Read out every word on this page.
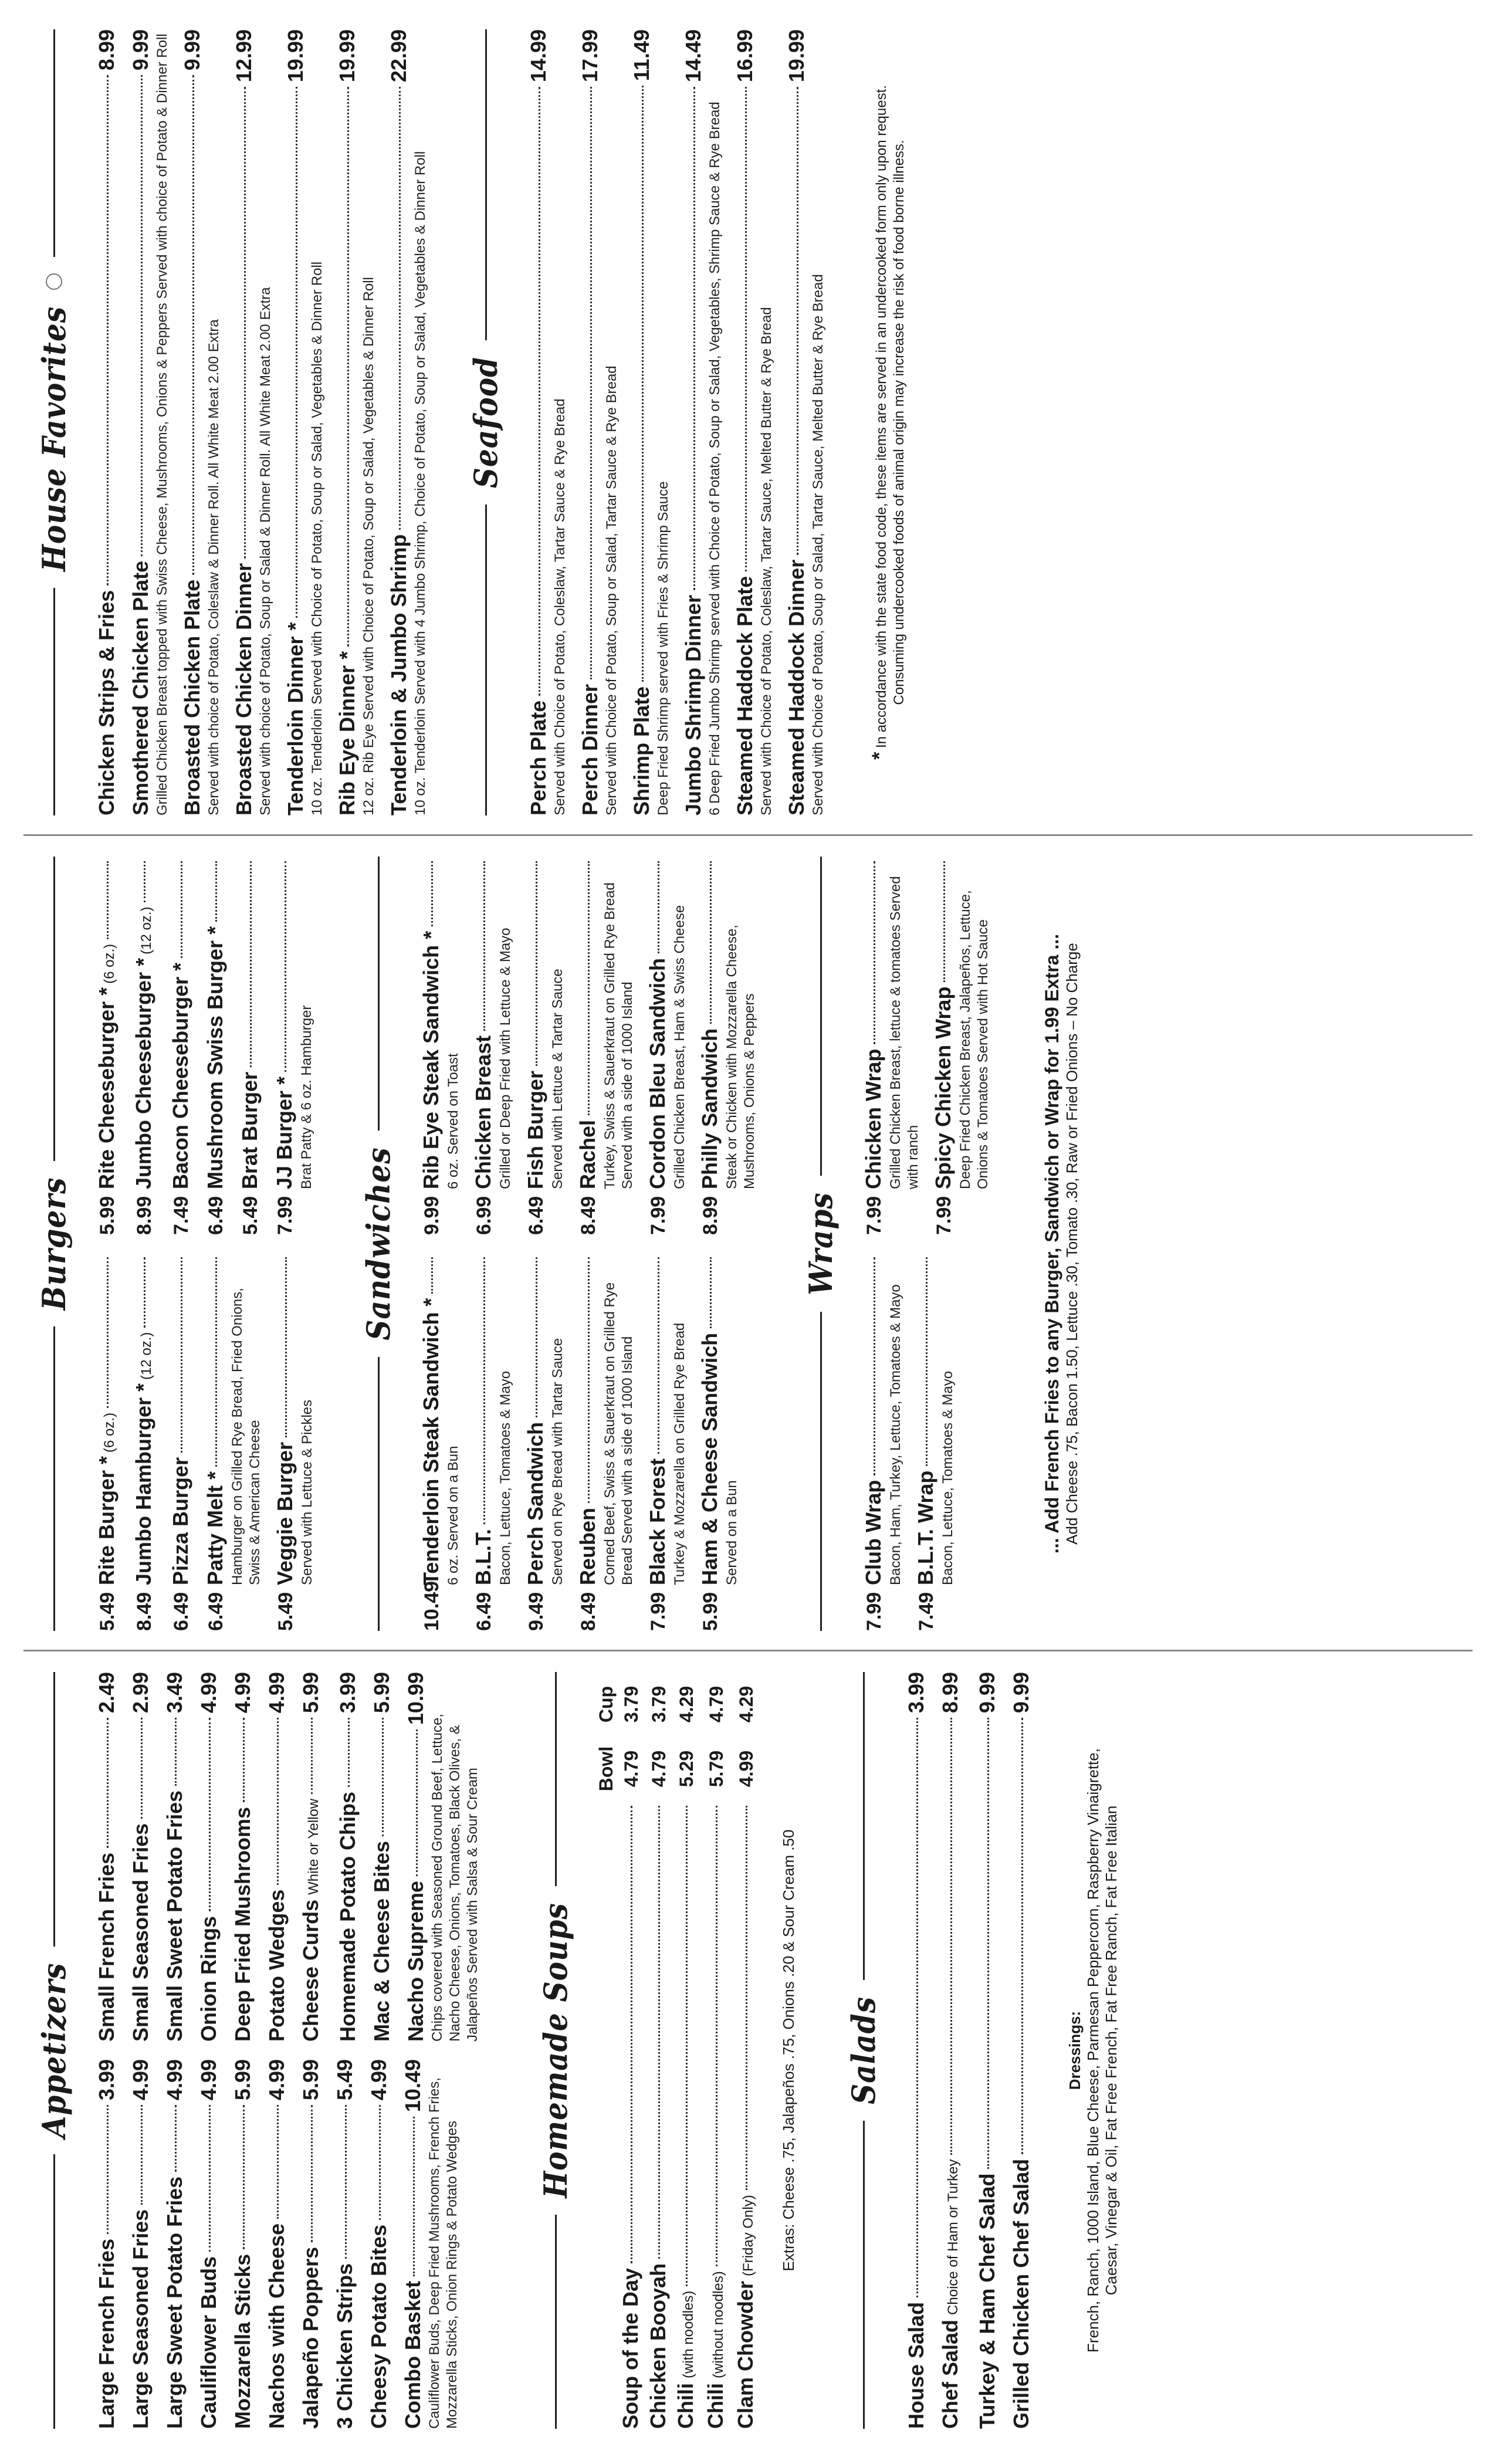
Appetizers
Large French Fries
3.99
Large Seasoned Fries
4.99
Large Sweet Potato Fries
4.99
Cauliflower Buds
4.99
Mozzarella Sticks
5.99
Nachos with Cheese
4.99
Jalapeño Poppers
5.99
3 Chicken Strips
5.49
Cheesy Potato Bites
4.99
Combo Basket
10.49 Cauliflower Buds, Deep Fried Mushrooms, French Fries, Mozzarella Sticks, Onion Rings & Potato Wedges
Small French Fries
2.49
Small Seasoned Fries
2.99
Small Sweet Potato Fries
3.49
Onion Rings
4.99
Deep Fried Mushrooms
4.99
Potato Wedges
4.99
Cheese Curds
White or Yellow
5.99
Homemade Potato Chips
3.99
Mac & Cheese Bites
5.99
Nacho Supreme
10.99
Chips covered with Seasoned Ground Beef, Lettuce, Nacho Cheese, Onions, Tomatoes, Black Olives, & Jalapeños Served with Salsa & Sour Cream Homemade Soups
Bowl
Cup
Soup of the Day
4.79
3.79
Chicken Booyah
4.79
3.79
Chili
(with noodles)
5.29
4.29
Chili
(without noodles)
5.79
4.79
Clam Chowder
(Friday Only)
4.99
4.29
Extras: Cheese .75, Jalapeños .75, Onions .20 & Sour Cream .50 Salads
House Salad
3.99
Chef Salad
Choice of Ham or Turkey
8.99
Turkey & Ham Chef Salad
9.99
Grilled Chicken Chef Salad
9.99
Dressings: French, Ranch, 1000 Island, Blue Cheese, Parmesan Peppercorn, Raspberry Vinaigrette, Caesar, Vinegar & Oil, Fat Free French, Fat Free Ranch, Fat Free Italian
Burgers
5.49
Rite Burger *
(6 oz.)
8.49
Jumbo Hamburger *
(12 oz.)
6.49
Pizza Burger
6.49
Patty Melt * Hamburger on Grilled Rye Bread, Fried Onions, Swiss & American Cheese
5.49
Veggie Burger Served with Lettuce & Pickles
5.99
Rite Cheeseburger *
(6 oz.)
8.99
Jumbo Cheeseburger *
(12 oz.)
7.49
Bacon Cheeseburger *
6.49
Mushroom Swiss Burger *
5.49
Brat Burger
7.99
JJ Burger * Brat Patty & 6 oz. Hamburger
Sandwiches
10.49
Tenderloin Steak Sandwich * 6 oz. Served on a Bun
6.49
B.L.T. Bacon, Lettuce, Tomatoes & Mayo
9.49
Perch Sandwich Served on Rye Bread with Tartar Sauce
8.49
Reuben Corned Beef, Swiss & Sauerkraut on Grilled Rye Bread Served with a side of 1000 Island
7.99
Black Forest Turkey & Mozzarella on Grilled Rye Bread
5.99
Ham & Cheese Sandwich Served on a Bun
9.99
Rib Eye Steak Sandwich * 6 oz. Served on Toast
6.99
Chicken Breast Grilled or Deep Fried with Lettuce & Mayo
6.49
Fish Burger Served with Lettuce & Tartar Sauce
8.49
Rachel Turkey, Swiss & Sauerkraut on Grilled Rye Bread Served with a side of 1000 Island
7.99
Cordon Bleu Sandwich Grilled Chicken Breast, Ham & Swiss Cheese
8.99
Philly Sandwich Steak or Chicken with Mozzarella Cheese, Mushrooms, Onions & Peppers
Wraps
7.99
Club Wrap Bacon, Ham, Turkey, Lettuce, Tomatoes & Mayo
7.49
B.L.T. Wrap Bacon, Lettuce, Tomatoes & Mayo
7.99
Chicken Wrap Grilled Chicken Breast, lettuce & tomatoes Served with ranch
7.99
Spicy Chicken Wrap Deep Fried Chicken Breast, Jalapeños, Lettuce, Onions & Tomatoes Served with Hot Sauce	... Add French Fries to any Burger, Sandwich or Wrap for 1.99 Extra ... Add Cheese .75, Bacon 1.50, Lettuce .30, Tomato .30, Raw or Fried Onions – No Charge
House Favorites
Chicken Strips & Fries
8.99
Smothered Chicken Plate
9.99 Grilled Chicken Breast topped with Swiss Cheese, Mushrooms, Onions & Peppers Served with choice of Potato & Dinner Roll Broasted Chicken Plate
9.99
Served with choice of Potato, Coleslaw & Dinner Roll. All White Meat 2.00 Extra Broasted Chicken Dinner
12.99
Served with choice of Potato, Soup or Salad & Dinner Roll. All White Meat 2.00 Extra Tenderloin Dinner *
19.99
10 oz. Tenderloin Served with Choice of Potato, Soup or Salad, Vegetables & Dinner Roll Rib Eye Dinner *
19.99
12 oz. Rib Eye Served with Choice of Potato, Soup or Salad, Vegetables & Dinner Roll Tenderloin & Jumbo Shrimp
22.99
10 oz. Tenderloin Served with 4 Jumbo Shrimp, Choice of Potato, Soup or Salad, Vegetables & Dinner Roll Seafood
Perch Plate
14.99
Served with Choice of Potato, Coleslaw, Tartar Sauce & Rye Bread Perch Dinner
17.99
Served with Choice of Potato, Soup or Salad, Tartar Sauce & Rye Bread Shrimp Plate
11.49
Deep Fried Shrimp served with Fries & Shrimp Sauce Jumbo Shrimp Dinner
14.49
6 Deep Fried Jumbo Shrimp served with Choice of Potato, Soup or Salad, Vegetables, Shrimp Sauce & Rye Bread Steamed Haddock Plate
16.99
Served with Choice of Potato, Coleslaw, Tartar Sauce, Melted Butter & Rye Bread Steamed Haddock Dinner
19.99
Served with Choice of Potato, Soup or Salad, Tartar Sauce, Melted Butter & Rye Bread * In accordance with the state food code, these items are served in an undercooked form only upon request. Consuming undercooked foods of animal origin may increase the risk of food borne illness.
